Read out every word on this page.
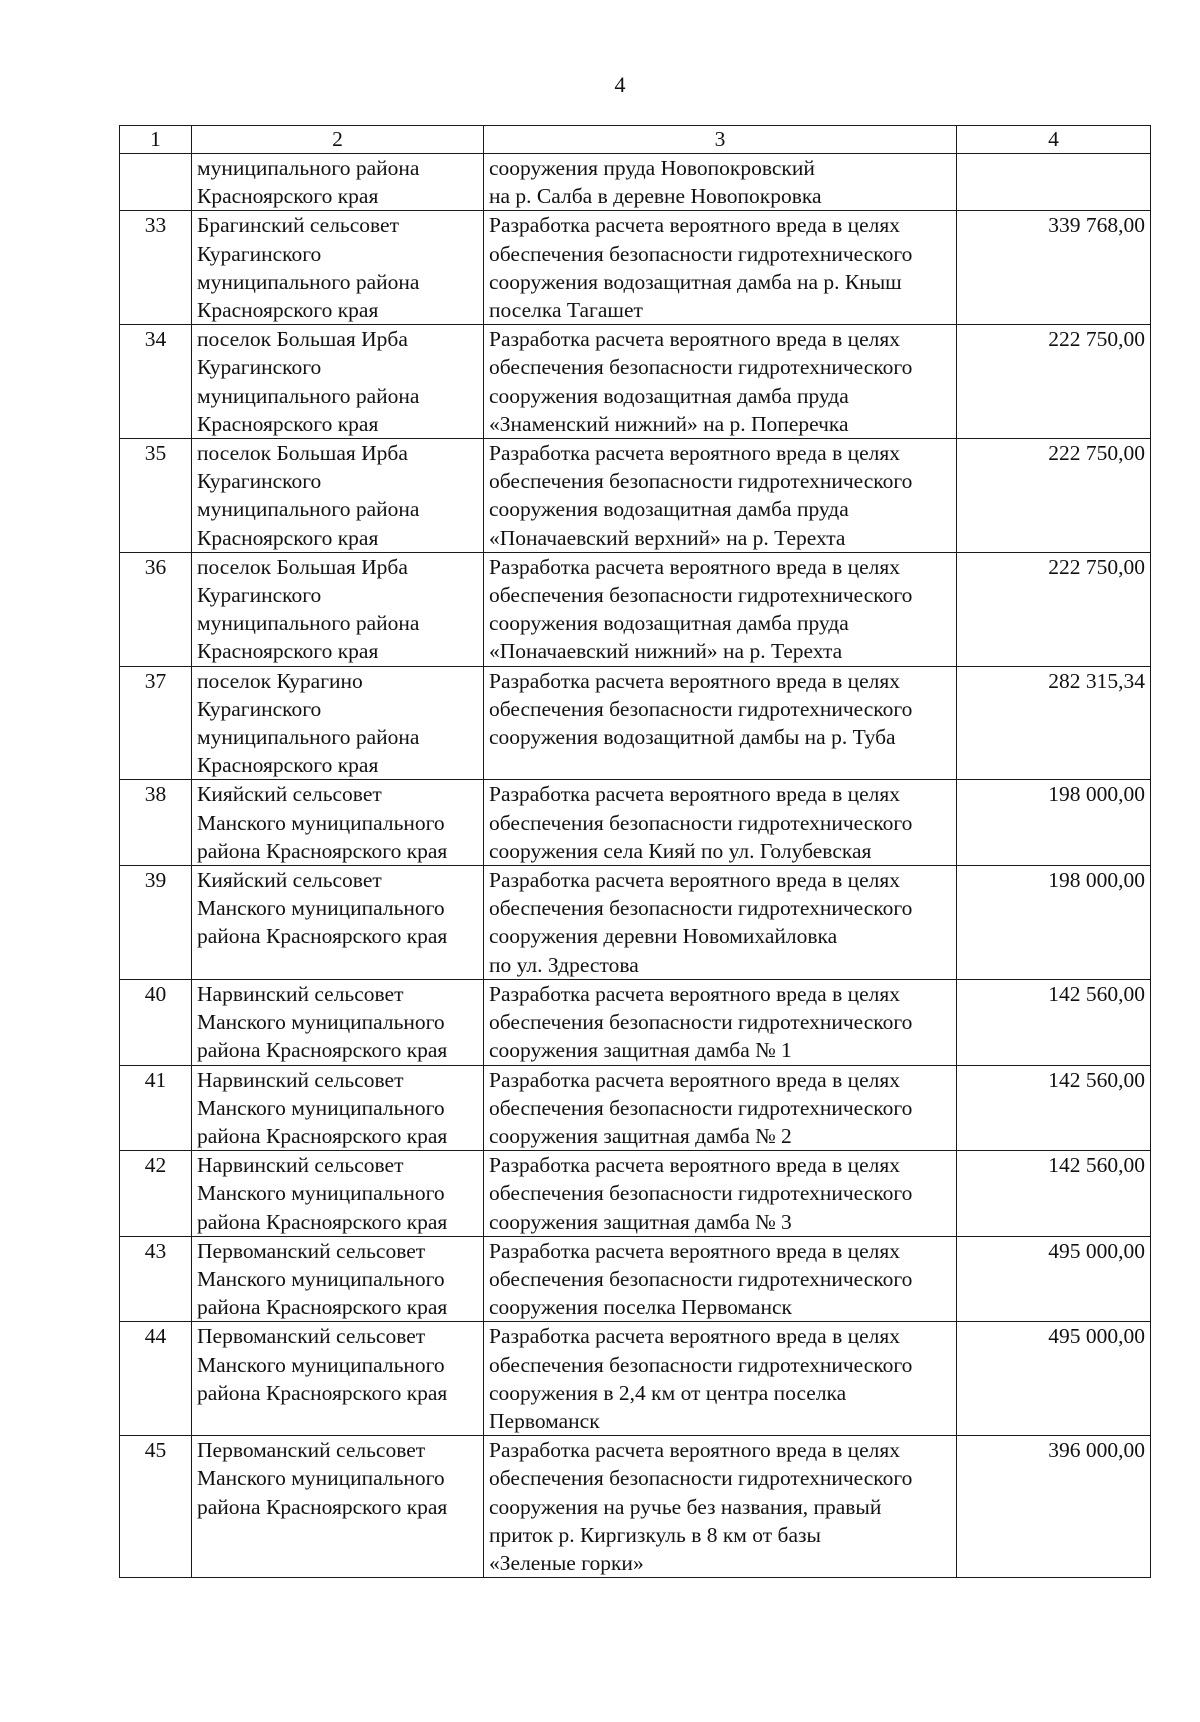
4
1	2	3	4
	муниципального района
Красноярского края	сооружения пруда Новопокровский
на р. Салба в деревне Новопокровка	
33	Брагинский сельсовет
Курагинского
муниципального района
Красноярского края	Разработка расчета вероятного вреда в целях
обеспечения безопасности гидротехнического
сооружения водозащитная дамба на р. Кныш
поселка Тагашет	339 768,00
34	поселок Большая Ирба
Курагинского
муниципального района
Красноярского края	Разработка расчета вероятного вреда в целях
обеспечения безопасности гидротехнического
сооружения водозащитная дамба пруда
«Знаменский нижний» на р. Поперечка	222 750,00
35	поселок Большая Ирба
Курагинского
муниципального района
Красноярского края	Разработка расчета вероятного вреда в целях
обеспечения безопасности гидротехнического
сооружения водозащитная дамба пруда
«Поначаевский верхний» на р. Терехта	222 750,00
36	поселок Большая Ирба
Курагинского
муниципального района
Красноярского края	Разработка расчета вероятного вреда в целях
обеспечения безопасности гидротехнического
сооружения водозащитная дамба пруда
«Поначаевский нижний» на р. Терехта	222 750,00
37	поселок Курагино
Курагинского
муниципального района
Красноярского края	Разработка расчета вероятного вреда в целях
обеспечения безопасности гидротехнического
сооружения водозащитной дамбы на р. Туба	282 315,34
38	Кияйский сельсовет
Манского муниципального
района Красноярского края	Разработка расчета вероятного вреда в целях
обеспечения безопасности гидротехнического
сооружения села Кияй по ул. Голубевская	198 000,00
39	Кияйский сельсовет
Манского муниципального
района Красноярского края	Разработка расчета вероятного вреда в целях
обеспечения безопасности гидротехнического
сооружения деревни Новомихайловка
по ул. Здрестова	198 000,00
40	Нарвинский сельсовет
Манского муниципального
района Красноярского края	Разработка расчета вероятного вреда в целях
обеспечения безопасности гидротехнического
сооружения защитная дамба № 1	142 560,00
41	Нарвинский сельсовет
Манского муниципального
района Красноярского края	Разработка расчета вероятного вреда в целях
обеспечения безопасности гидротехнического
сооружения защитная дамба № 2	142 560,00
42	Нарвинский сельсовет
Манского муниципального
района Красноярского края	Разработка расчета вероятного вреда в целях
обеспечения безопасности гидротехнического
сооружения защитная дамба № 3	142 560,00
43	Первоманский сельсовет
Манского муниципального
района Красноярского края	Разработка расчета вероятного вреда в целях
обеспечения безопасности гидротехнического
сооружения поселка Первоманск	495 000,00
44	Первоманский сельсовет
Манского муниципального
района Красноярского края	Разработка расчета вероятного вреда в целях
обеспечения безопасности гидротехнического
сооружения в 2,4 км от центра поселка
Первоманск	495 000,00
45	Первоманский сельсовет
Манского муниципального
района Красноярского края	Разработка расчета вероятного вреда в целях
обеспечения безопасности гидротехнического
сооружения на ручье без названия, правый
приток р. Киргизкуль в 8 км от базы
«Зеленые горки»	396 000,00
